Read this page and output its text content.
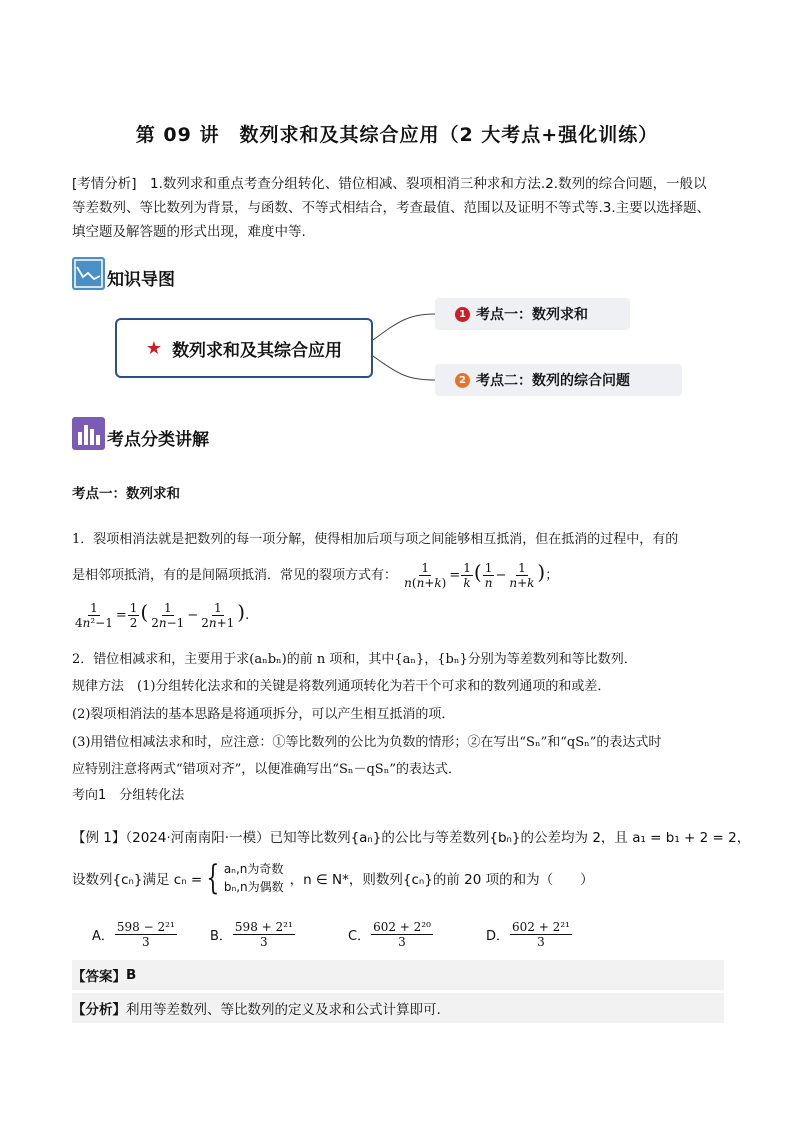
第 09 讲　数列求和及其综合应用（2 大考点+强化训练）
[考情分析]　1.数列求和重点考查分组转化、错位相减、裂项相消三种求和方法.2.数列的综合问题，一般以
等差数列、等比数列为背景，与函数、不等式相结合，考查最值、范围以及证明不等式等.3.主要以选择题、
填空题及解答题的形式出现，难度中等.
知识导图
★ 数列求和及其综合应用
1 考点一：数列求和
2 考点二：数列的综合问题
考点分类讲解
考点一：数列求和
1．裂项相消法就是把数列的每一项分解，使得相加后项与项之间能够相互抵消，但在抵消的过程中，有的
是相邻项抵消，有的是间隔项抵消．常见的裂项方式有： $\frac{1}{n(n+k)} = \frac{1}{k}$ ( $\frac{1}{n} - \frac{1}{n+k}$ )；
$\frac{1}{\text{4n²−1}} = \frac{1}{2}$ ( $\frac{1}{2n-1} - \frac{1}{2n+1}$ ).
2．错位相减求和，主要用于求(aₙbₙ)的前 n 项和，其中{aₙ}，{bₙ}分别为等差数列和等比数列．
规律方法　(1)分组转化法求和的关键是将数列通项转化为若干个可求和的数列通项的和或差．
(2)裂项相消法的基本思路是将通项拆分，可以产生相互抵消的项．
(3)用错位相减法求和时，应注意：①等比数列的公比为负数的情形；②在写出“Sₙ”和“qSₙ”的表达式时
应特别注意将两式“错项对齐”，以便准确写出“Sₙ－qSₙ”的表达式．
考向1　分组转化法
【例 1】（2024·河南南阳·一模）已知等比数列{aₙ}的公比与等差数列{bₙ}的公差均为 2，且 a₁ = b₁ + 2 = 2，
设数列{cₙ}满足 cₙ = { aₙ,n为奇数
bₙ,n为偶数 ，n ∈ N*，则数列{cₙ}的前 20 项的和为（　　）
A． $\frac{\text{598 − 2²¹}}{3}$	B． $\frac{\text{598 + 2²¹}}{3}$	C． $\frac{\text{602 + 2²⁰}}{3}$	D． $\frac{\text{602 + 2²¹}}{3}$
【答案】 B
【分析】 利用等差数列、等比数列的定义及求和公式计算即可.
